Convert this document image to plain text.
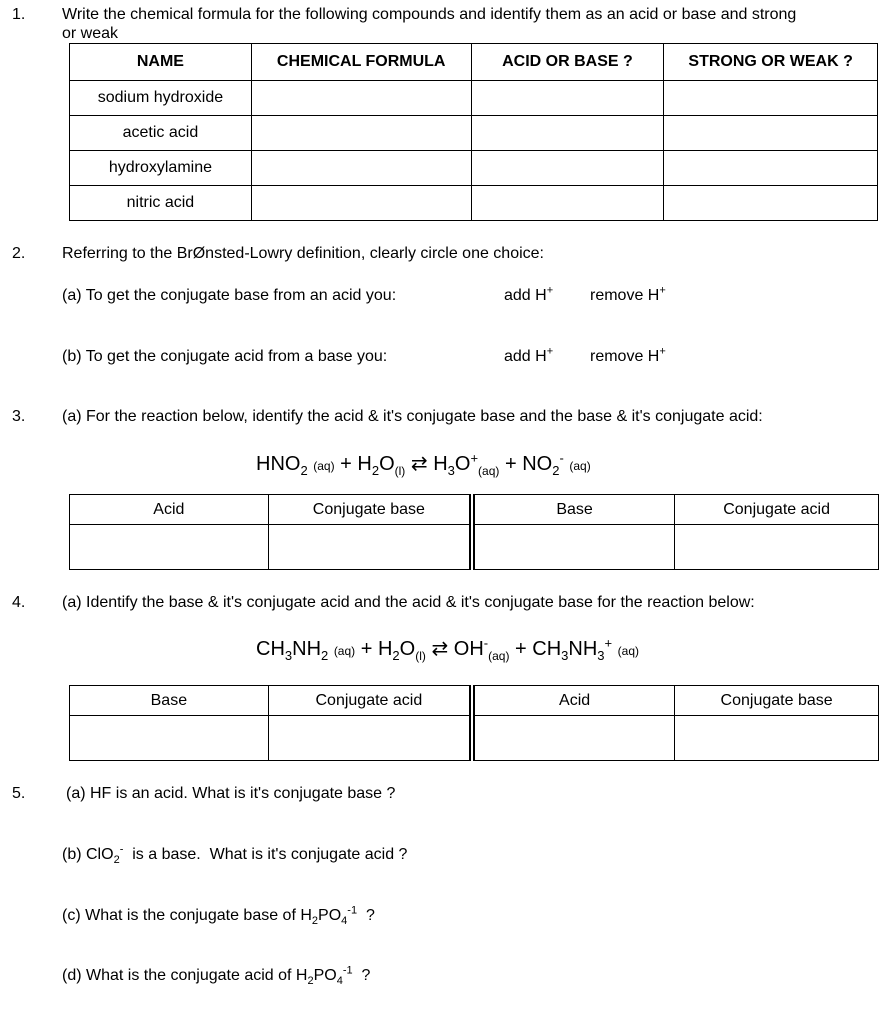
1. Write the chemical formula for the following compounds and identify them as an acid or base and strong
or weak
NAME	CHEMICAL FORMULA	ACID OR BASE ?	STRONG OR WEAK ?
sodium hydroxide			
acetic acid			
hydroxylamine			
nitric acid			
2. Referring to the BrØnsted-Lowry definition, clearly circle one choice:
(a) To get the conjugate base from an acid you:	add H+ remove H+
(b) To get the conjugate acid from a base you:	add H+ remove H+
3. (a) For the reaction below, identify the acid & it's conjugate base and the base & it's conjugate acid:
$HNO_2$ $(aq) + H_2O_{(l)}$ ⇄ $H_3O^+_{(aq)} + NO_2^-$ (aq)
Acid	Conjugate base	Base	Conjugate acid

4. (a) Identify the base & it's conjugate acid and the acid & it's conjugate base for the reaction below:
$CH_3NH_2$ $(aq) + H_2O_{(l)}$ ⇄ $OH^-_{(aq)} + CH_3NH_3^+$ (aq)
Base	Conjugate acid	Acid	Conjugate base

5.	(a) HF is an acid. What is it's conjugate base ?
(b) ClO$_2$-  is a base.  What is it's conjugate acid ?
(c) What is the conjugate base of $H_2PO_4^{-1}$  ?
(d) What is the conjugate acid of $H_2PO_4^{-1}$  ?
